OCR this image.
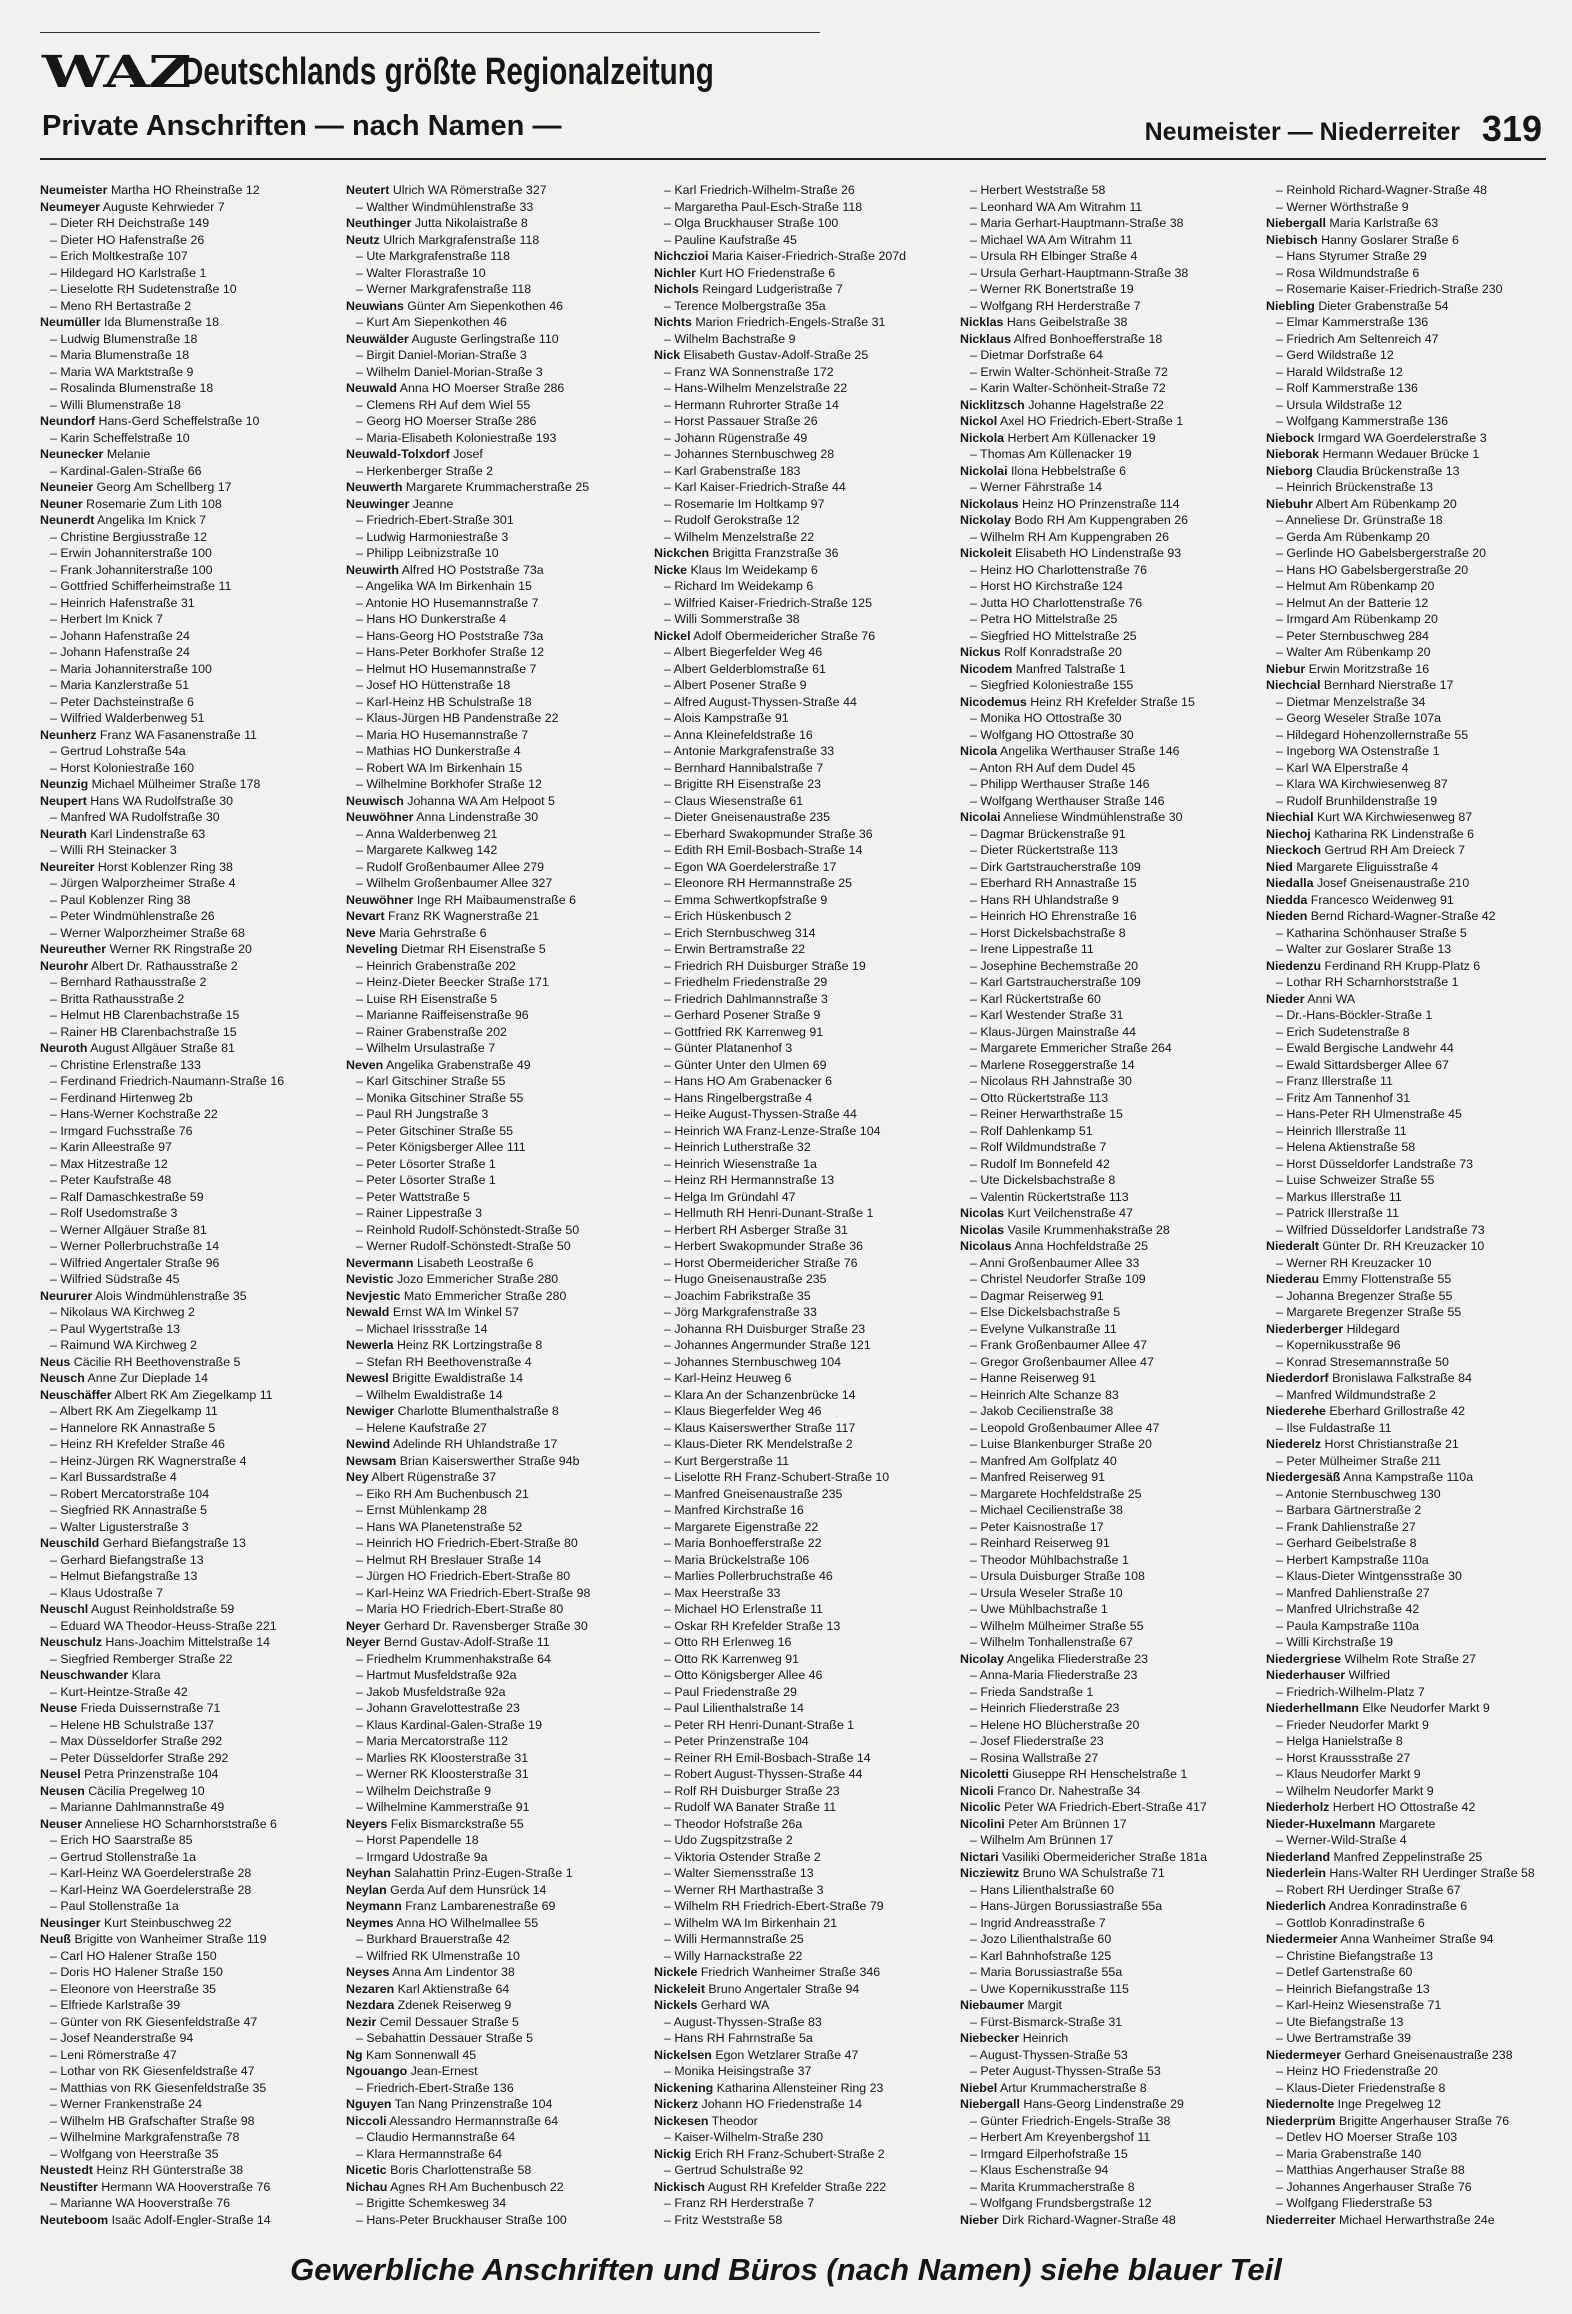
WAZ
Deutschlands größte Regionalzeitung
Private Anschriften — nach Namen —	Neumeister — Niederreiter 319
Neumeister Martha HO Rheinstraße 12
Neumeyer Auguste Kehrwieder 7
– Dieter RH Deichstraße 149
– Dieter HO Hafenstraße 26
– Erich Moltkestraße 107
– Hildegard HO Karlstraße 1
– Lieselotte RH Sudetenstraße 10
– Meno RH Bertastraße 2
Neumüller Ida Blumenstraße 18
– Ludwig Blumenstraße 18
– Maria Blumenstraße 18
– Maria WA Marktstraße 9
– Rosalinda Blumenstraße 18
– Willi Blumenstraße 18
Neundorf Hans-Gerd Scheffelstraße 10
– Karin Scheffelstraße 10
Neunecker Melanie
– Kardinal-Galen-Straße 66
Neuneier Georg Am Schellberg 17
Neuner Rosemarie Zum Lith 108
Neunerdt Angelika Im Knick 7
– Christine Bergiusstraße 12
– Erwin Johanniterstraße 100
– Frank Johanniterstraße 100
– Gottfried Schifferheimstraße 11
– Heinrich Hafenstraße 31
– Herbert Im Knick 7
– Johann Hafenstraße 24
– Johann Hafenstraße 24
– Maria Johanniterstraße 100
– Maria Kanzlerstraße 51
– Peter Dachsteinstraße 6
– Wilfried Walderbenweg 51
Neunherz Franz WA Fasanenstraße 11
– Gertrud Lohstraße 54a
– Horst Koloniestraße 160
Neunzig Michael Mülheimer Straße 178
Neupert Hans WA Rudolfstraße 30
– Manfred WA Rudolfstraße 30
Neurath Karl Lindenstraße 63
– Willi RH Steinacker 3
Neureiter Horst Koblenzer Ring 38
– Jürgen Walporzheimer Straße 4
– Paul Koblenzer Ring 38
– Peter Windmühlenstraße 26
– Werner Walporzheimer Straße 68
Neureuther Werner RK Ringstraße 20
Neurohr Albert Dr. Rathausstraße 2
– Bernhard Rathausstraße 2
– Britta Rathausstraße 2
– Helmut HB Clarenbachstraße 15
– Rainer HB Clarenbachstraße 15
Neuroth August Allgäuer Straße 81
– Christine Erlenstraße 133
– Ferdinand Friedrich-Naumann-Straße 16
– Ferdinand Hirtenweg 2b
– Hans-Werner Kochstraße 22
– Irmgard Fuchsstraße 76
– Karin Alleestraße 97
– Max Hitzestraße 12
– Peter Kaufstraße 48
– Ralf Damaschkestraße 59
– Rolf Usedomstraße 3
– Werner Allgäuer Straße 81
– Werner Pollerbruchstraße 14
– Wilfried Angertaler Straße 96
– Wilfried Südstraße 45
Neururer Alois Windmühlenstraße 35
– Nikolaus WA Kirchweg 2
– Paul Wygertstraße 13
– Raimund WA Kirchweg 2
Neus Cäcilie RH Beethovenstraße 5
Neusch Anne Zur Dieplade 14
Neuschäffer Albert RK Am Ziegelkamp 11
– Albert RK Am Ziegelkamp 11
– Hannelore RK Annastraße 5
– Heinz RH Krefelder Straße 46
– Heinz-Jürgen RK Wagnerstraße 4
– Karl Bussardstraße 4
– Robert Mercatorstraße 104
– Siegfried RK Annastraße 5
– Walter Ligusterstraße 3
Neuschild Gerhard Biefangstraße 13
– Gerhard Biefangstraße 13
– Helmut Biefangstraße 13
– Klaus Udostraße 7
Neuschl August Reinholdstraße 59
– Eduard WA Theodor-Heuss-Straße 221
Neuschulz Hans-Joachim Mittelstraße 14
– Siegfried Remberger Straße 22
Neuschwander Klara
– Kurt-Heintze-Straße 42
Neuse Frieda Duissernstraße 71
– Helene HB Schulstraße 137
– Max Düsseldorfer Straße 292
– Peter Düsseldorfer Straße 292
Neusel Petra Prinzenstraße 104
Neusen Cäcilia Pregelweg 10
– Marianne Dahlmannstraße 49
Neuser Anneliese HO Scharnhorststraße 6
– Erich HO Saarstraße 85
– Gertrud Stollenstraße 1a
– Karl-Heinz WA Goerdelerstraße 28
– Karl-Heinz WA Goerdelerstraße 28
– Paul Stollenstraße 1a
Neusinger Kurt Steinbuschweg 22
Neuß Brigitte von Wanheimer Straße 119
– Carl HO Halener Straße 150
– Doris HO Halener Straße 150
– Eleonore von Heerstraße 35
– Elfriede Karlstraße 39
– Günter von RK Giesenfeldstraße 47
– Josef Neanderstraße 94
– Leni Römerstraße 47
– Lothar von RK Giesenfeldstraße 47
– Matthias von RK Giesenfeldstraße 35
– Werner Frankenstraße 24
– Wilhelm HB Grafschafter Straße 98
– Wilhelmine Markgrafenstraße 78
– Wolfgang von Heerstraße 35
Neustedt Heinz RH Günterstraße 38
Neustifter Hermann WA Hooverstraße 76
– Marianne WA Hooverstraße 76
Neuteboom Isaäc Adolf-Engler-Straße 14
Neutert Ulrich WA Römerstraße 327
– Walther Windmühlenstraße 33
Neuthinger Jutta Nikolaistraße 8
Neutz Ulrich Markgrafenstraße 118
– Ute Markgrafenstraße 118
– Walter Florastraße 10
– Werner Markgrafenstraße 118
Neuwians Günter Am Siepenkothen 46
– Kurt Am Siepenkothen 46
Neuwälder Auguste Gerlingstraße 110
– Birgit Daniel-Morian-Straße 3
– Wilhelm Daniel-Morian-Straße 3
Neuwald Anna HO Moerser Straße 286
– Clemens RH Auf dem Wiel 55
– Georg HO Moerser Straße 286
– Maria-Elisabeth Koloniestraße 193
Neuwald-Tolxdorf Josef
– Herkenberger Straße 2
Neuwerth Margarete Krummacherstraße 25
Neuwinger Jeanne
– Friedrich-Ebert-Straße 301
– Ludwig Harmoniestraße 3
– Philipp Leibnizstraße 10
Neuwirth Alfred HO Poststraße 73a
– Angelika WA Im Birkenhain 15
– Antonie HO Husemannstraße 7
– Hans HO Dunkerstraße 4
– Hans-Georg HO Poststraße 73a
– Hans-Peter Borkhofer Straße 12
– Helmut HO Husemannstraße 7
– Josef HO Hüttenstraße 18
– Karl-Heinz HB Schulstraße 18
– Klaus-Jürgen HB Pandenstraße 22
– Maria HO Husemannstraße 7
– Mathias HO Dunkerstraße 4
– Robert WA Im Birkenhain 15
– Wilhelmine Borkhofer Straße 12
Neuwisch Johanna WA Am Helpoot 5
Neuwöhner Anna Lindenstraße 30
– Anna Walderbenweg 21
– Margarete Kalkweg 142
– Rudolf Großenbaumer Allee 279
– Wilhelm Großenbaumer Allee 327
Neuwöhner Inge RH Maibaumenstraße 6
Nevart Franz RK Wagnerstraße 21
Neve Maria Gehrstraße 6
Neveling Dietmar RH Eisenstraße 5
– Heinrich Grabenstraße 202
– Heinz-Dieter Beecker Straße 171
– Luise RH Eisenstraße 5
– Marianne Raiffeisenstraße 96
– Rainer Grabenstraße 202
– Wilhelm Ursulastraße 7
Neven Angelika Grabenstraße 49
– Karl Gitschiner Straße 55
– Monika Gitschiner Straße 55
– Paul RH Jungstraße 3
– Peter Gitschiner Straße 55
– Peter Königsberger Allee 111
– Peter Lösorter Straße 1
– Peter Lösorter Straße 1
– Peter Wattstraße 5
– Rainer Lippestraße 3
– Reinhold Rudolf-Schönstedt-Straße 50
– Werner Rudolf-Schönstedt-Straße 50
Nevermann Lisabeth Leostraße 6
Nevistic Jozo Emmericher Straße 280
Nevjestic Mato Emmericher Straße 280
Newald Ernst WA Im Winkel 57
– Michael Irissstraße 14
Newerla Heinz RK Lortzingstraße 8
– Stefan RH Beethovenstraße 4
Newesl Brigitte Ewaldistraße 14
– Wilhelm Ewaldistraße 14
Newiger Charlotte Blumenthalstraße 8
– Helene Kaufstraße 27
Newind Adelinde RH Uhlandstraße 17
Newsam Brian Kaiserswerther Straße 94b
Ney Albert Rügenstraße 37
– Eiko RH Am Buchenbusch 21
– Ernst Mühlenkamp 28
– Hans WA Planetenstraße 52
– Heinrich HO Friedrich-Ebert-Straße 80
– Helmut RH Breslauer Straße 14
– Jürgen HO Friedrich-Ebert-Straße 80
– Karl-Heinz WA Friedrich-Ebert-Straße 98
– Maria HO Friedrich-Ebert-Straße 80
Neyer Gerhard Dr. Ravensberger Straße 30
Neyer Bernd Gustav-Adolf-Straße 11
– Friedhelm Krummenhakstraße 64
– Hartmut Musfeldstraße 92a
– Jakob Musfeldstraße 92a
– Johann Gravelottestraße 23
– Klaus Kardinal-Galen-Straße 19
– Maria Mercatorstraße 112
– Marlies RK Kloosterstraße 31
– Werner RK Kloosterstraße 31
– Wilhelm Deichstraße 9
– Wilhelmine Kammerstraße 91
Neyers Felix Bismarckstraße 55
– Horst Papendelle 18
– Irmgard Udostraße 9a
Neyhan Salahattin Prinz-Eugen-Straße 1
Neylan Gerda Auf dem Hunsrück 14
Neymann Franz Lambarenestraße 69
Neymes Anna HO Wilhelmallee 55
– Burkhard Brauerstraße 42
– Wilfried RK Ulmenstraße 10
Neyses Anna Am Lindentor 38
Nezaren Karl Aktienstraße 64
Nezdara Zdenek Reiserweg 9
Nezir Cemil Dessauer Straße 5
– Sebahattin Dessauer Straße 5
Ng Kam Sonnenwall 45
Ngouango Jean-Ernest
– Friedrich-Ebert-Straße 136
Nguyen Tan Nang Prinzenstraße 104
Niccoli Alessandro Hermannstraße 64
– Claudio Hermannstraße 64
– Klara Hermannstraße 64
Nicetic Boris Charlottenstraße 58
Nichau Agnes RH Am Buchenbusch 22
– Brigitte Schemkesweg 34
– Hans-Peter Bruckhauser Straße 100
– Karl Friedrich-Wilhelm-Straße 26
– Margaretha Paul-Esch-Straße 118
– Olga Bruckhauser Straße 100
– Pauline Kaufstraße 45
Nichczioi Maria Kaiser-Friedrich-Straße 207d
Nichler Kurt HO Friedenstraße 6
Nichols Reingard Ludgeristraße 7
– Terence Molbergstraße 35a
Nichts Marion Friedrich-Engels-Straße 31
– Wilhelm Bachstraße 9
Nick Elisabeth Gustav-Adolf-Straße 25
– Franz WA Sonnenstraße 172
– Hans-Wilhelm Menzelstraße 22
– Hermann Ruhrorter Straße 14
– Horst Passauer Straße 26
– Johann Rügenstraße 49
– Johannes Sternbuschweg 28
– Karl Grabenstraße 183
– Karl Kaiser-Friedrich-Straße 44
– Rosemarie Im Holtkamp 97
– Rudolf Gerokstraße 12
– Wilhelm Menzelstraße 22
Nickchen Brigitta Franzstraße 36
Nicke Klaus Im Weidekamp 6
– Richard Im Weidekamp 6
– Wilfried Kaiser-Friedrich-Straße 125
– Willi Sommerstraße 38
Nickel Adolf Obermeidericher Straße 76
– Albert Biegerfelder Weg 46
– Albert Gelderblomstraße 61
– Albert Posener Straße 9
– Alfred August-Thyssen-Straße 44
– Alois Kampstraße 91
– Anna Kleinefeldstraße 16
– Antonie Markgrafenstraße 33
– Bernhard Hannibalstraße 7
– Brigitte RH Eisenstraße 23
– Claus Wiesenstraße 61
– Dieter Gneisenaustraße 235
– Eberhard Swakopmunder Straße 36
– Edith RH Emil-Bosbach-Straße 14
– Egon WA Goerdelerstraße 17
– Eleonore RH Hermannstraße 25
– Emma Schwertkopfstraße 9
– Erich Hüskenbusch 2
– Erich Sternbuschweg 314
– Erwin Bertramstraße 22
– Friedrich RH Duisburger Straße 19
– Friedhelm Friedenstraße 29
– Friedrich Dahlmannstraße 3
– Gerhard Posener Straße 9
– Gottfried RK Karrenweg 91
– Günter Platanenhof 3
– Günter Unter den Ulmen 69
– Hans HO Am Grabenacker 6
– Hans Ringelbergstraße 4
– Heike August-Thyssen-Straße 44
– Heinrich WA Franz-Lenze-Straße 104
– Heinrich Lutherstraße 32
– Heinrich Wiesenstraße 1a
– Heinz RH Hermannstraße 13
– Helga Im Gründahl 47
– Hellmuth RH Henri-Dunant-Straße 1
– Herbert RH Asberger Straße 31
– Herbert Swakopmunder Straße 36
– Horst Obermeidericher Straße 76
– Hugo Gneisenaustraße 235
– Joachim Fabrikstraße 35
– Jörg Markgrafenstraße 33
– Johanna RH Duisburger Straße 23
– Johannes Angermunder Straße 121
– Johannes Sternbuschweg 104
– Karl-Heinz Heuweg 6
– Klara An der Schanzenbrücke 14
– Klaus Biegerfelder Weg 46
– Klaus Kaiserswerther Straße 117
– Klaus-Dieter RK Mendelstraße 2
– Kurt Bergerstraße 11
– Liselotte RH Franz-Schubert-Straße 10
– Manfred Gneisenaustraße 235
– Manfred Kirchstraße 16
– Margarete Eigenstraße 22
– Maria Bonhoefferstraße 22
– Maria Brückelstraße 106
– Marlies Pollerbruchstraße 46
– Max Heerstraße 33
– Michael HO Erlenstraße 11
– Oskar RH Krefelder Straße 13
– Otto RH Erlenweg 16
– Otto RK Karrenweg 91
– Otto Königsberger Allee 46
– Paul Friedenstraße 29
– Paul Lilienthalstraße 14
– Peter RH Henri-Dunant-Straße 1
– Peter Prinzenstraße 104
– Reiner RH Emil-Bosbach-Straße 14
– Robert August-Thyssen-Straße 44
– Rolf RH Duisburger Straße 23
– Rudolf WA Banater Straße 11
– Theodor Hofstraße 26a
– Udo Zugspitzstraße 2
– Viktoria Ostender Straße 2
– Walter Siemensstraße 13
– Werner RH Marthastraße 3
– Wilhelm RH Friedrich-Ebert-Straße 79
– Wilhelm WA Im Birkenhain 21
– Willi Hermannstraße 25
– Willy Harnackstraße 22
Nickele Friedrich Wanheimer Straße 346
Nickeleit Bruno Angertaler Straße 94
Nickels Gerhard WA
– August-Thyssen-Straße 83
– Hans RH Fahrnstraße 5a
Nickelsen Egon Wetzlarer Straße 47
– Monika Heisingstraße 37
Nickening Katharina Allensteiner Ring 23
Nickerz Johann HO Friedenstraße 14
Nickesen Theodor
– Kaiser-Wilhelm-Straße 230
Nickig Erich RH Franz-Schubert-Straße 2
– Gertrud Schulstraße 92
Nickisch August RH Krefelder Straße 222
– Franz RH Herderstraße 7
– Fritz Weststraße 58
– Herbert Weststraße 58
– Leonhard WA Am Witrahm 11
– Maria Gerhart-Hauptmann-Straße 38
– Michael WA Am Witrahm 11
– Ursula RH Elbinger Straße 4
– Ursula Gerhart-Hauptmann-Straße 38
– Werner RK Bonertstraße 19
– Wolfgang RH Herderstraße 7
Nicklas Hans Geibelstraße 38
Nicklaus Alfred Bonhoefferstraße 18
– Dietmar Dorfstraße 64
– Erwin Walter-Schönheit-Straße 72
– Karin Walter-Schönheit-Straße 72
Nicklitzsch Johanne Hagelstraße 22
Nickol Axel HO Friedrich-Ebert-Straße 1
Nickola Herbert Am Küllenacker 19
– Thomas Am Küllenacker 19
Nickolai Ilona Hebbelstraße 6
– Werner Fährstraße 14
Nickolaus Heinz HO Prinzenstraße 114
Nickolay Bodo RH Am Kuppengraben 26
– Wilhelm RH Am Kuppengraben 26
Nickoleit Elisabeth HO Lindenstraße 93
– Heinz HO Charlottenstraße 76
– Horst HO Kirchstraße 124
– Jutta HO Charlottenstraße 76
– Petra HO Mittelstraße 25
– Siegfried HO Mittelstraße 25
Nickus Rolf Konradstraße 20
Nicodem Manfred Talstraße 1
– Siegfried Koloniestraße 155
Nicodemus Heinz RH Krefelder Straße 15
– Monika HO Ottostraße 30
– Wolfgang HO Ottostraße 30
Nicola Angelika Werthauser Straße 146
– Anton RH Auf dem Dudel 45
– Philipp Werthauser Straße 146
– Wolfgang Werthauser Straße 146
Nicolai Anneliese Windmühlenstraße 30
– Dagmar Brückenstraße 91
– Dieter Rückertstraße 113
– Dirk Gartstraucherstraße 109
– Eberhard RH Annastraße 15
– Hans RH Uhlandstraße 9
– Heinrich HO Ehrenstraße 16
– Horst Dickelsbachstraße 8
– Irene Lippestraße 11
– Josephine Bechemstraße 20
– Karl Gartstraucherstraße 109
– Karl Rückertstraße 60
– Karl Westender Straße 31
– Klaus-Jürgen Mainstraße 44
– Margarete Emmericher Straße 264
– Marlene Roseggerstraße 14
– Nicolaus RH Jahnstraße 30
– Otto Rückertstraße 113
– Reiner Herwarthstraße 15
– Rolf Dahlenkamp 51
– Rolf Wildmundstraße 7
– Rudolf Im Bonnefeld 42
– Ute Dickelsbachstraße 8
– Valentin Rückertstraße 113
Nicolas Kurt Veilchenstraße 47
Nicolas Vasile Krummenhakstraße 28
Nicolaus Anna Hochfeldstraße 25
– Anni Großenbaumer Allee 33
– Christel Neudorfer Straße 109
– Dagmar Reiserweg 91
– Else Dickelsbachstraße 5
– Evelyne Vulkanstraße 11
– Frank Großenbaumer Allee 47
– Gregor Großenbaumer Allee 47
– Hanne Reiserweg 91
– Heinrich Alte Schanze 83
– Jakob Cecilienstraße 38
– Leopold Großenbaumer Allee 47
– Luise Blankenburger Straße 20
– Manfred Am Golfplatz 40
– Manfred Reiserweg 91
– Margarete Hochfeldstraße 25
– Michael Cecilienstraße 38
– Peter Kaisnostraße 17
– Reinhard Reiserweg 91
– Theodor Mühlbachstraße 1
– Ursula Duisburger Straße 108
– Ursula Weseler Straße 10
– Uwe Mühlbachstraße 1
– Wilhelm Mülheimer Straße 55
– Wilhelm Tonhallenstraße 67
Nicolay Angelika Fliederstraße 23
– Anna-Maria Fliederstraße 23
– Frieda Sandstraße 1
– Heinrich Fliederstraße 23
– Helene HO Blücherstraße 20
– Josef Fliederstraße 23
– Rosina Wallstraße 27
Nicoletti Giuseppe RH Henschelstraße 1
Nicoli Franco Dr. Nahestraße 34
Nicolic Peter WA Friedrich-Ebert-Straße 417
Nicolini Peter Am Brünnen 17
– Wilhelm Am Brünnen 17
Nictari Vasiliki Obermeidericher Straße 181a
Nicziewitz Bruno WA Schulstraße 71
– Hans Lilienthalstraße 60
– Hans-Jürgen Borussiastraße 55a
– Ingrid Andreasstraße 7
– Jozo Lilienthalstraße 60
– Karl Bahnhofstraße 125
– Maria Borussiastraße 55a
– Uwe Kopernikusstraße 115
Niebaumer Margit
– Fürst-Bismarck-Straße 31
Niebecker Heinrich
– August-Thyssen-Straße 53
– Peter August-Thyssen-Straße 53
Niebel Artur Krummacherstraße 8
Niebergall Hans-Georg Lindenstraße 29
– Günter Friedrich-Engels-Straße 38
– Herbert Am Kreyenbergshof 11
– Irmgard Eilperhofstraße 15
– Klaus Eschenstraße 94
– Marita Krummacherstraße 8
– Wolfgang Frundsbergstraße 12
Nieber Dirk Richard-Wagner-Straße 48
– Reinhold Richard-Wagner-Straße 48
– Werner Wörthstraße 9
Niebergall Maria Karlstraße 63
Niebisch Hanny Goslarer Straße 6
– Hans Styrumer Straße 29
– Rosa Wildmundstraße 6
– Rosemarie Kaiser-Friedrich-Straße 230
Niebling Dieter Grabenstraße 54
– Elmar Kammerstraße 136
– Friedrich Am Seltenreich 47
– Gerd Wildstraße 12
– Harald Wildstraße 12
– Rolf Kammerstraße 136
– Ursula Wildstraße 12
– Wolfgang Kammerstraße 136
Niebock Irmgard WA Goerdelerstraße 3
Nieborak Hermann Wedauer Brücke 1
Nieborg Claudia Brückenstraße 13
– Heinrich Brückenstraße 13
Niebuhr Albert Am Rübenkamp 20
– Anneliese Dr. Grünstraße 18
– Gerda Am Rübenkamp 20
– Gerlinde HO Gabelsbergerstraße 20
– Hans HO Gabelsbergerstraße 20
– Helmut Am Rübenkamp 20
– Helmut An der Batterie 12
– Irmgard Am Rübenkamp 20
– Peter Sternbuschweg 284
– Walter Am Rübenkamp 20
Niebur Erwin Moritzstraße 16
Niechcial Bernhard Nierstraße 17
– Dietmar Menzelstraße 34
– Georg Weseler Straße 107a
– Hildegard Hohenzollernstraße 55
– Ingeborg WA Ostenstraße 1
– Karl WA Elperstraße 4
– Klara WA Kirchwiesenweg 87
– Rudolf Brunhildenstraße 19
Niechial Kurt WA Kirchwiesenweg 87
Niechoj Katharina RK Lindenstraße 6
Nieckoch Gertrud RH Am Dreieck 7
Nied Margarete Eliguisstraße 4
Niedalla Josef Gneisenaustraße 210
Niedda Francesco Weidenweg 91
Nieden Bernd Richard-Wagner-Straße 42
– Katharina Schönhauser Straße 5
– Walter zur Goslarer Straße 13
Niedenzu Ferdinand RH Krupp-Platz 6
– Lothar RH Scharnhorststraße 1
Nieder Anni WA
– Dr.-Hans-Böckler-Straße 1
– Erich Sudetenstraße 8
– Ewald Bergische Landwehr 44
– Ewald Sittardsberger Allee 67
– Franz Illerstraße 11
– Fritz Am Tannenhof 31
– Hans-Peter RH Ulmenstraße 45
– Heinrich Illerstraße 11
– Helena Aktienstraße 58
– Horst Düsseldorfer Landstraße 73
– Luise Schweizer Straße 55
– Markus Illerstraße 11
– Patrick Illerstraße 11
– Wilfried Düsseldorfer Landstraße 73
Niederalt Günter Dr. RH Kreuzacker 10
– Werner RH Kreuzacker 10
Niederau Emmy Flottenstraße 55
– Johanna Bregenzer Straße 55
– Margarete Bregenzer Straße 55
Niederberger Hildegard
– Kopernikusstraße 96
– Konrad Stresemannstraße 50
Niederdorf Bronislawa Falkstraße 84
– Manfred Wildmundstraße 2
Niederehe Eberhard Grillostraße 42
– Ilse Fuldastraße 11
Niederelz Horst Christianstraße 21
– Peter Mülheimer Straße 211
Niedergesäß Anna Kampstraße 110a
– Antonie Sternbuschweg 130
– Barbara Gärtnerstraße 2
– Frank Dahlienstraße 27
– Gerhard Geibelstraße 8
– Herbert Kampstraße 110a
– Klaus-Dieter Wintgensstraße 30
– Manfred Dahlienstraße 27
– Manfred Ulrichstraße 42
– Paula Kampstraße 110a
– Willi Kirchstraße 19
Niedergriese Wilhelm Rote Straße 27
Niederhauser Wilfried
– Friedrich-Wilhelm-Platz 7
Niederhellmann Elke Neudorfer Markt 9
– Frieder Neudorfer Markt 9
– Helga Hanielstraße 8
– Horst Kraussstraße 27
– Klaus Neudorfer Markt 9
– Wilhelm Neudorfer Markt 9
Niederholz Herbert HO Ottostraße 42
Nieder-Huxelmann Margarete
– Werner-Wild-Straße 4
Niederland Manfred Zeppelinstraße 25
Niederlein Hans-Walter RH Uerdinger Straße 58
– Robert RH Uerdinger Straße 67
Niederlich Andrea Konradinstraße 6
– Gottlob Konradinstraße 6
Niedermeier Anna Wanheimer Straße 94
– Christine Biefangstraße 13
– Detlef Gartenstraße 60
– Heinrich Biefangstraße 13
– Karl-Heinz Wiesenstraße 71
– Ute Biefangstraße 13
– Uwe Bertramstraße 39
Niedermeyer Gerhard Gneisenaustraße 238
– Heinz HO Friedenstraße 20
– Klaus-Dieter Friedenstraße 8
Niedernolte Inge Pregelweg 12
Niederprüm Brigitte Angerhauser Straße 76
– Detlev HO Moerser Straße 103
– Maria Grabenstraße 140
– Matthias Angerhauser Straße 88
– Johannes Angerhauser Straße 76
– Wolfgang Fliederstraße 53
Niederreiter Michael Herwarthstraße 24e
Gewerbliche Anschriften und Büros (nach Namen) siehe blauer Teil
